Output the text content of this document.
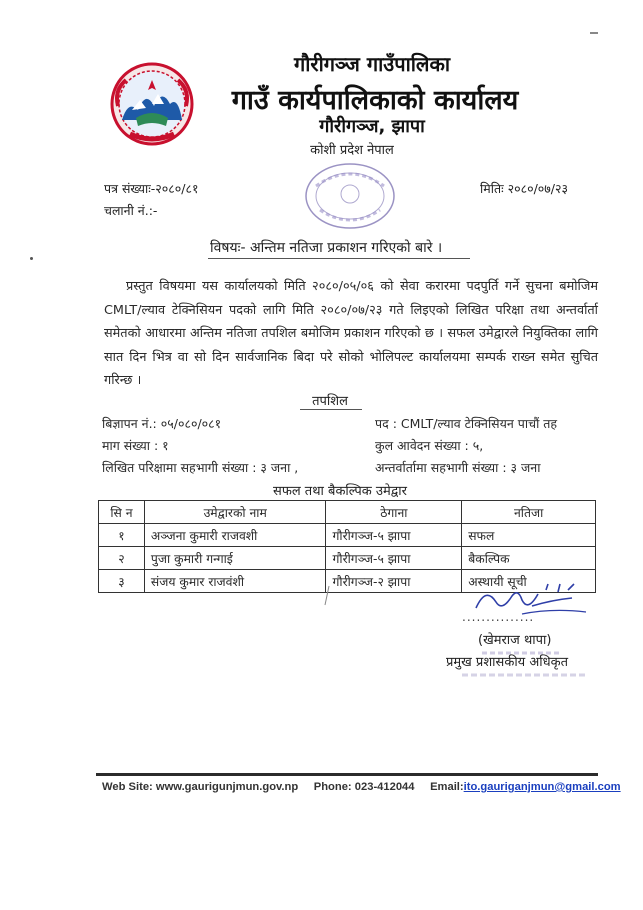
गौरीगञ्ज गाउँपालिका
गाउँ कार्यपालिकाको कार्यालय
गौरीगञ्ज, झापा
कोशी प्रदेश नेपाल
पत्र संख्याः-२०८०/८१
चलानी नं.:-
मितिः २०८०/०७/२३
विषयः- अन्तिम नतिजा प्रकाशन गरिएको बारे ।
प्रस्तुत विषयमा यस कार्यालयको मिति २०८०/०५/०६ को सेवा करारमा पदपुर्ति गर्ने सुचना बमोजिम CMLT/ल्याव टेक्निसियन पदको लागि मिति २०८०/०७/२३ गते लिइएको लिखित परिक्षा तथा अन्तर्वार्ता समेतको आधारमा अन्तिम नतिजा तपशिल बमोजिम प्रकाशन गरिएको छ । सफल उमेद्वारले नियुक्तिका लागि सात दिन भित्र वा सो दिन सार्वजानिक बिदा परे सोको भोलिपल्ट कार्यालयमा सम्पर्क राख्न समेत सुचित गरिन्छ ।
तपशिल
बिज्ञापन नं.: ०५/०८०/०८१	पद : CMLT/ल्याव टेक्निसियन पाचौं तह
माग संख्या : १	कुल आवेदन संख्या : ५,
लिखित परिक्षामा सहभागी संख्या : ३ जना ,	अन्तर्वार्तामा सहभागी संख्या : ३ जना
सफल तथा बैकल्पिक उमेद्वार
सि न	उमेद्वारको नाम	ठेगाना	नतिजा
१	अञ्जना कुमारी राजवशी	गौरीगञ्ज-५ झापा	सफल
२	पुजा कुमारी गन्गाई	गौरीगञ्ज-५ झापा	बैकल्पिक
३	संजय कुमार राजवंशी	गौरीगञ्ज-२ झापा	अस्थायी सूची
...............
(खेमराज थापा)
प्रमुख प्रशासकीय अधिकृत
Web Site: www.gaurigunjmun.gov.np Phone: 023-412044 Email:ito.gauriganjmun@gmail.com
